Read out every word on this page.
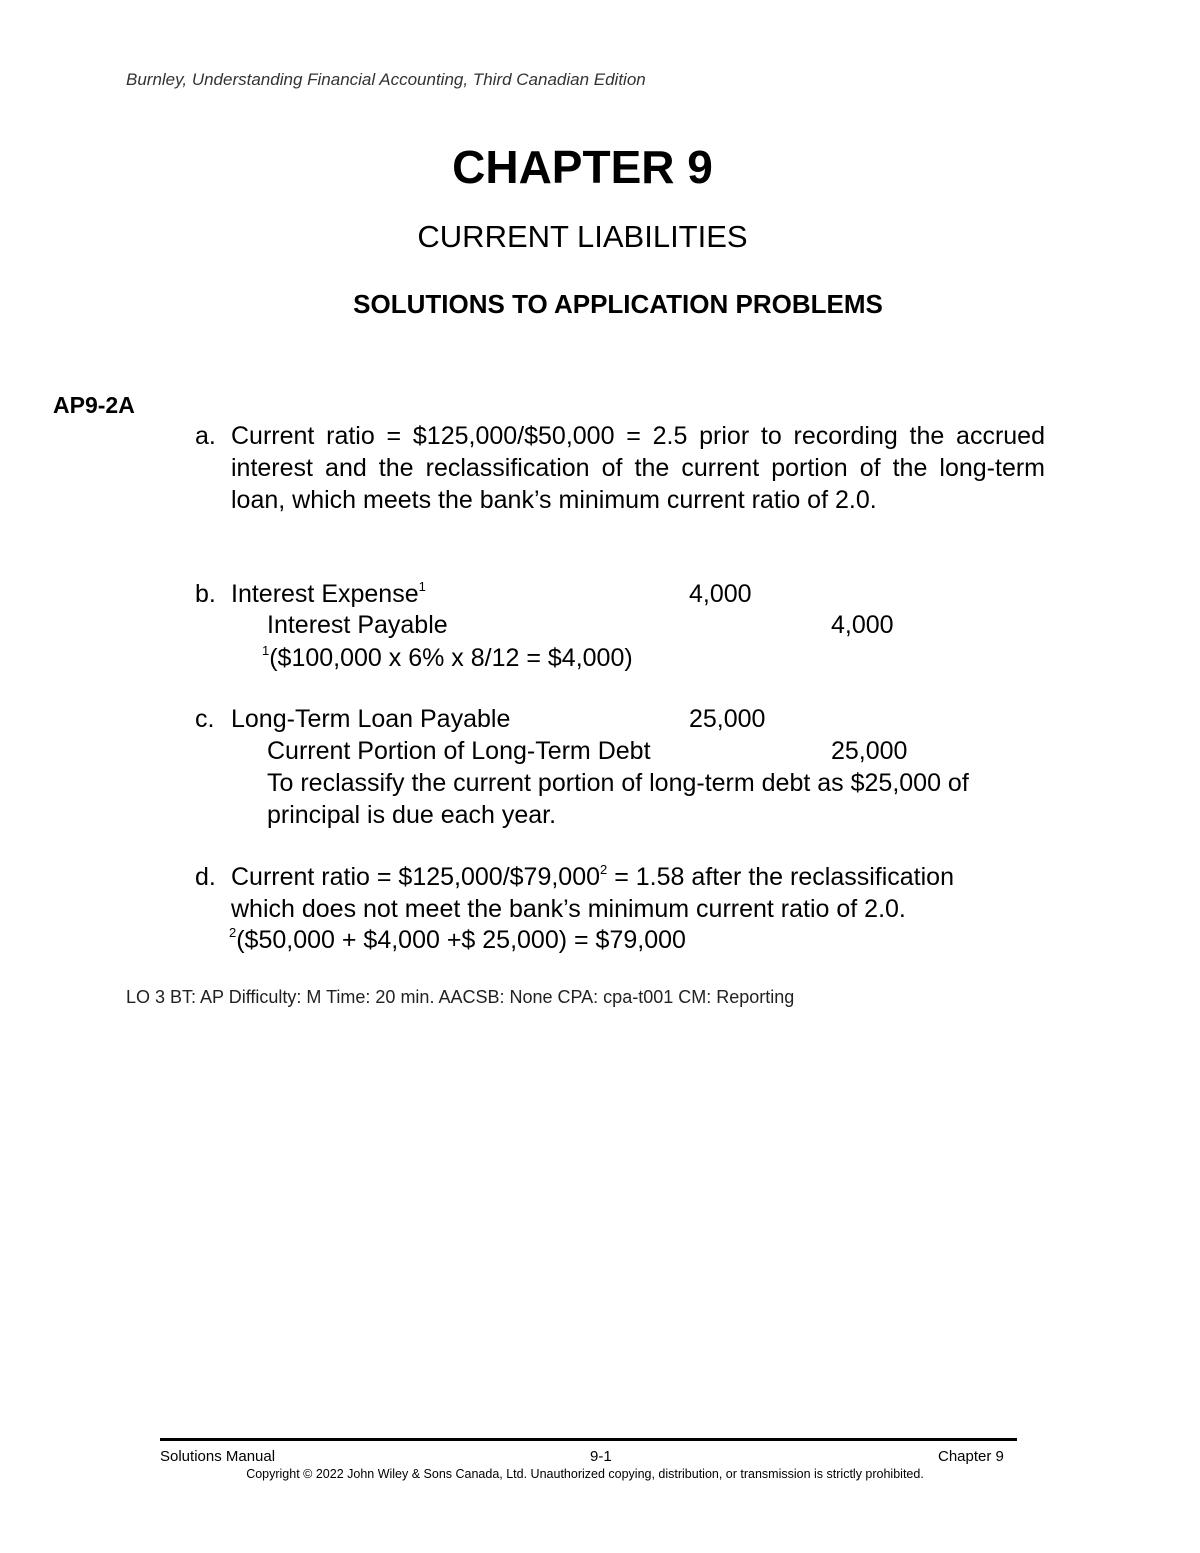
Burnley, Understanding Financial Accounting, Third Canadian Edition
CHAPTER 9
CURRENT LIABILITIES
SOLUTIONS TO APPLICATION PROBLEMS
AP9-2A
a. Current ratio = $125,000/$50,000 = 2.5 prior to recording the accrued interest and the reclassification of the current portion of the long-term loan, which meets the bank’s minimum current ratio of 2.0.
b. Interest Expense$^1$	4,000
Interest Payable	4,000
$^1$($100,000 x 6% x 8/12 = $4,000)
c. Long-Term Loan Payable	25,000
Current Portion of Long-Term Debt	25,000
To reclassify the current portion of long-term debt as $25,000 of
principal is due each year.
d. Current ratio = $\$125,000/\$79,000^2 = 1.58$ after the reclassification
which does not meet the bank’s minimum current ratio of 2.0.
$^2$($50,000 + $4,000 +$ 25,000) = $79,000
LO 3 BT: AP Difficulty: M Time: 20 min. AACSB: None CPA: cpa-t001 CM: Reporting
Solutions Manual	9-1	Chapter 9
Copyright © 2022 John Wiley & Sons Canada, Ltd. Unauthorized copying, distribution, or transmission is strictly prohibited.
